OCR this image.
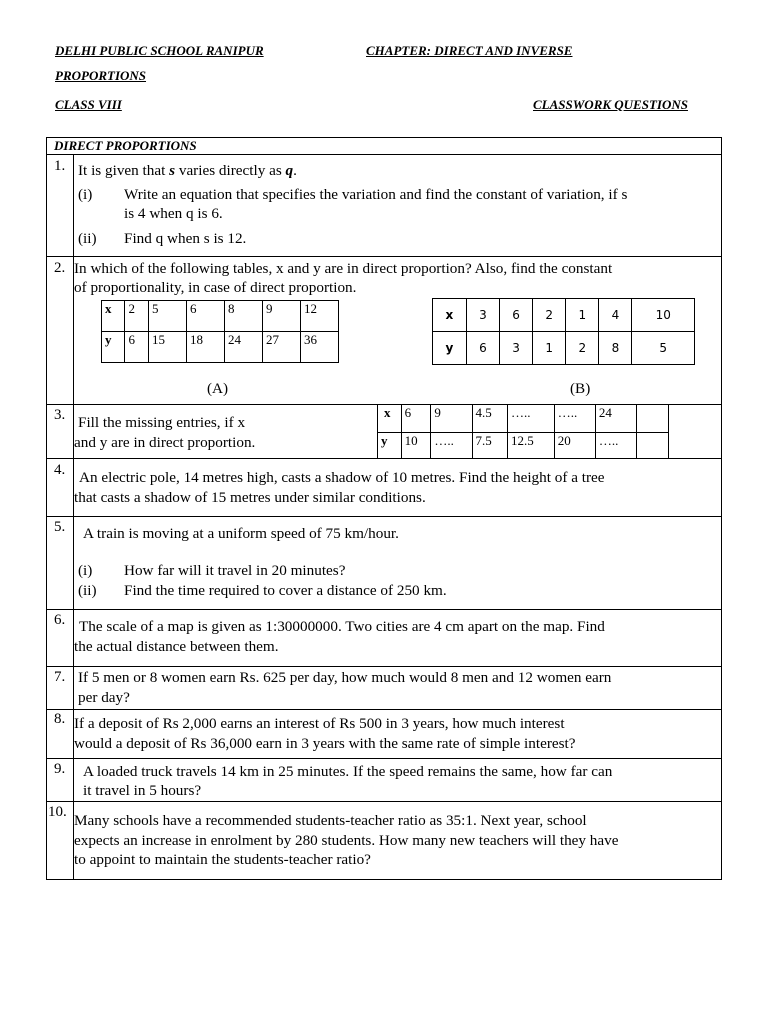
DELHI PUBLIC SCHOOL RANIPUR	CHAPTER: DIRECT AND INVERSE
PROPORTIONS
CLASS VIII	CLASSWORK QUESTIONS
DIRECT PROPORTIONS
1. It is given that s varies directly as q.
(i) Write an equation that specifies the variation and find the constant of variation, if s
is 4 when q is 6.
(ii) Find q when s is 12.
2. In which of the following tables, x and y are in direct proportion? Also, find the constant
of proportionality, in case of direct proportion.
x	2	5	6	8	9	12
y	6	15	18	24	27	36
x	3	6	2	1	4	10
y	6	3	1	2	8	5
(A)	(B)
3. Fill the missing entries, if x
and y are in direct proportion.
x	6	9	4.5	…..	…..	24	
y	10	…..	7.5	12.5	20	…..	
4. An electric pole, 14 metres high, casts a shadow of 10 metres. Find the height of a tree
that casts a shadow of 15 metres under similar conditions.
5. A train is moving at a uniform speed of 75 km/hour.
(i) How far will it travel in 20 minutes?
(ii) Find the time required to cover a distance of 250 km.
6. The scale of a map is given as 1:30000000. Two cities are 4 cm apart on the map. Find
the actual distance between them.
7. If 5 men or 8 women earn Rs. 625 per day, how much would 8 men and 12 women earn
per day?
8. If a deposit of Rs 2,000 earns an interest of Rs 500 in 3 years, how much interest
would a deposit of Rs 36,000 earn in 3 years with the same rate of simple interest?
9. A loaded truck travels 14 km in 25 minutes. If the speed remains the same, how far can
it travel in 5 hours?
10. Many schools have a recommended students-teacher ratio as 35:1. Next year, school
expects an increase in enrolment by 280 students. How many new teachers will they have
to appoint to maintain the students-teacher ratio?
